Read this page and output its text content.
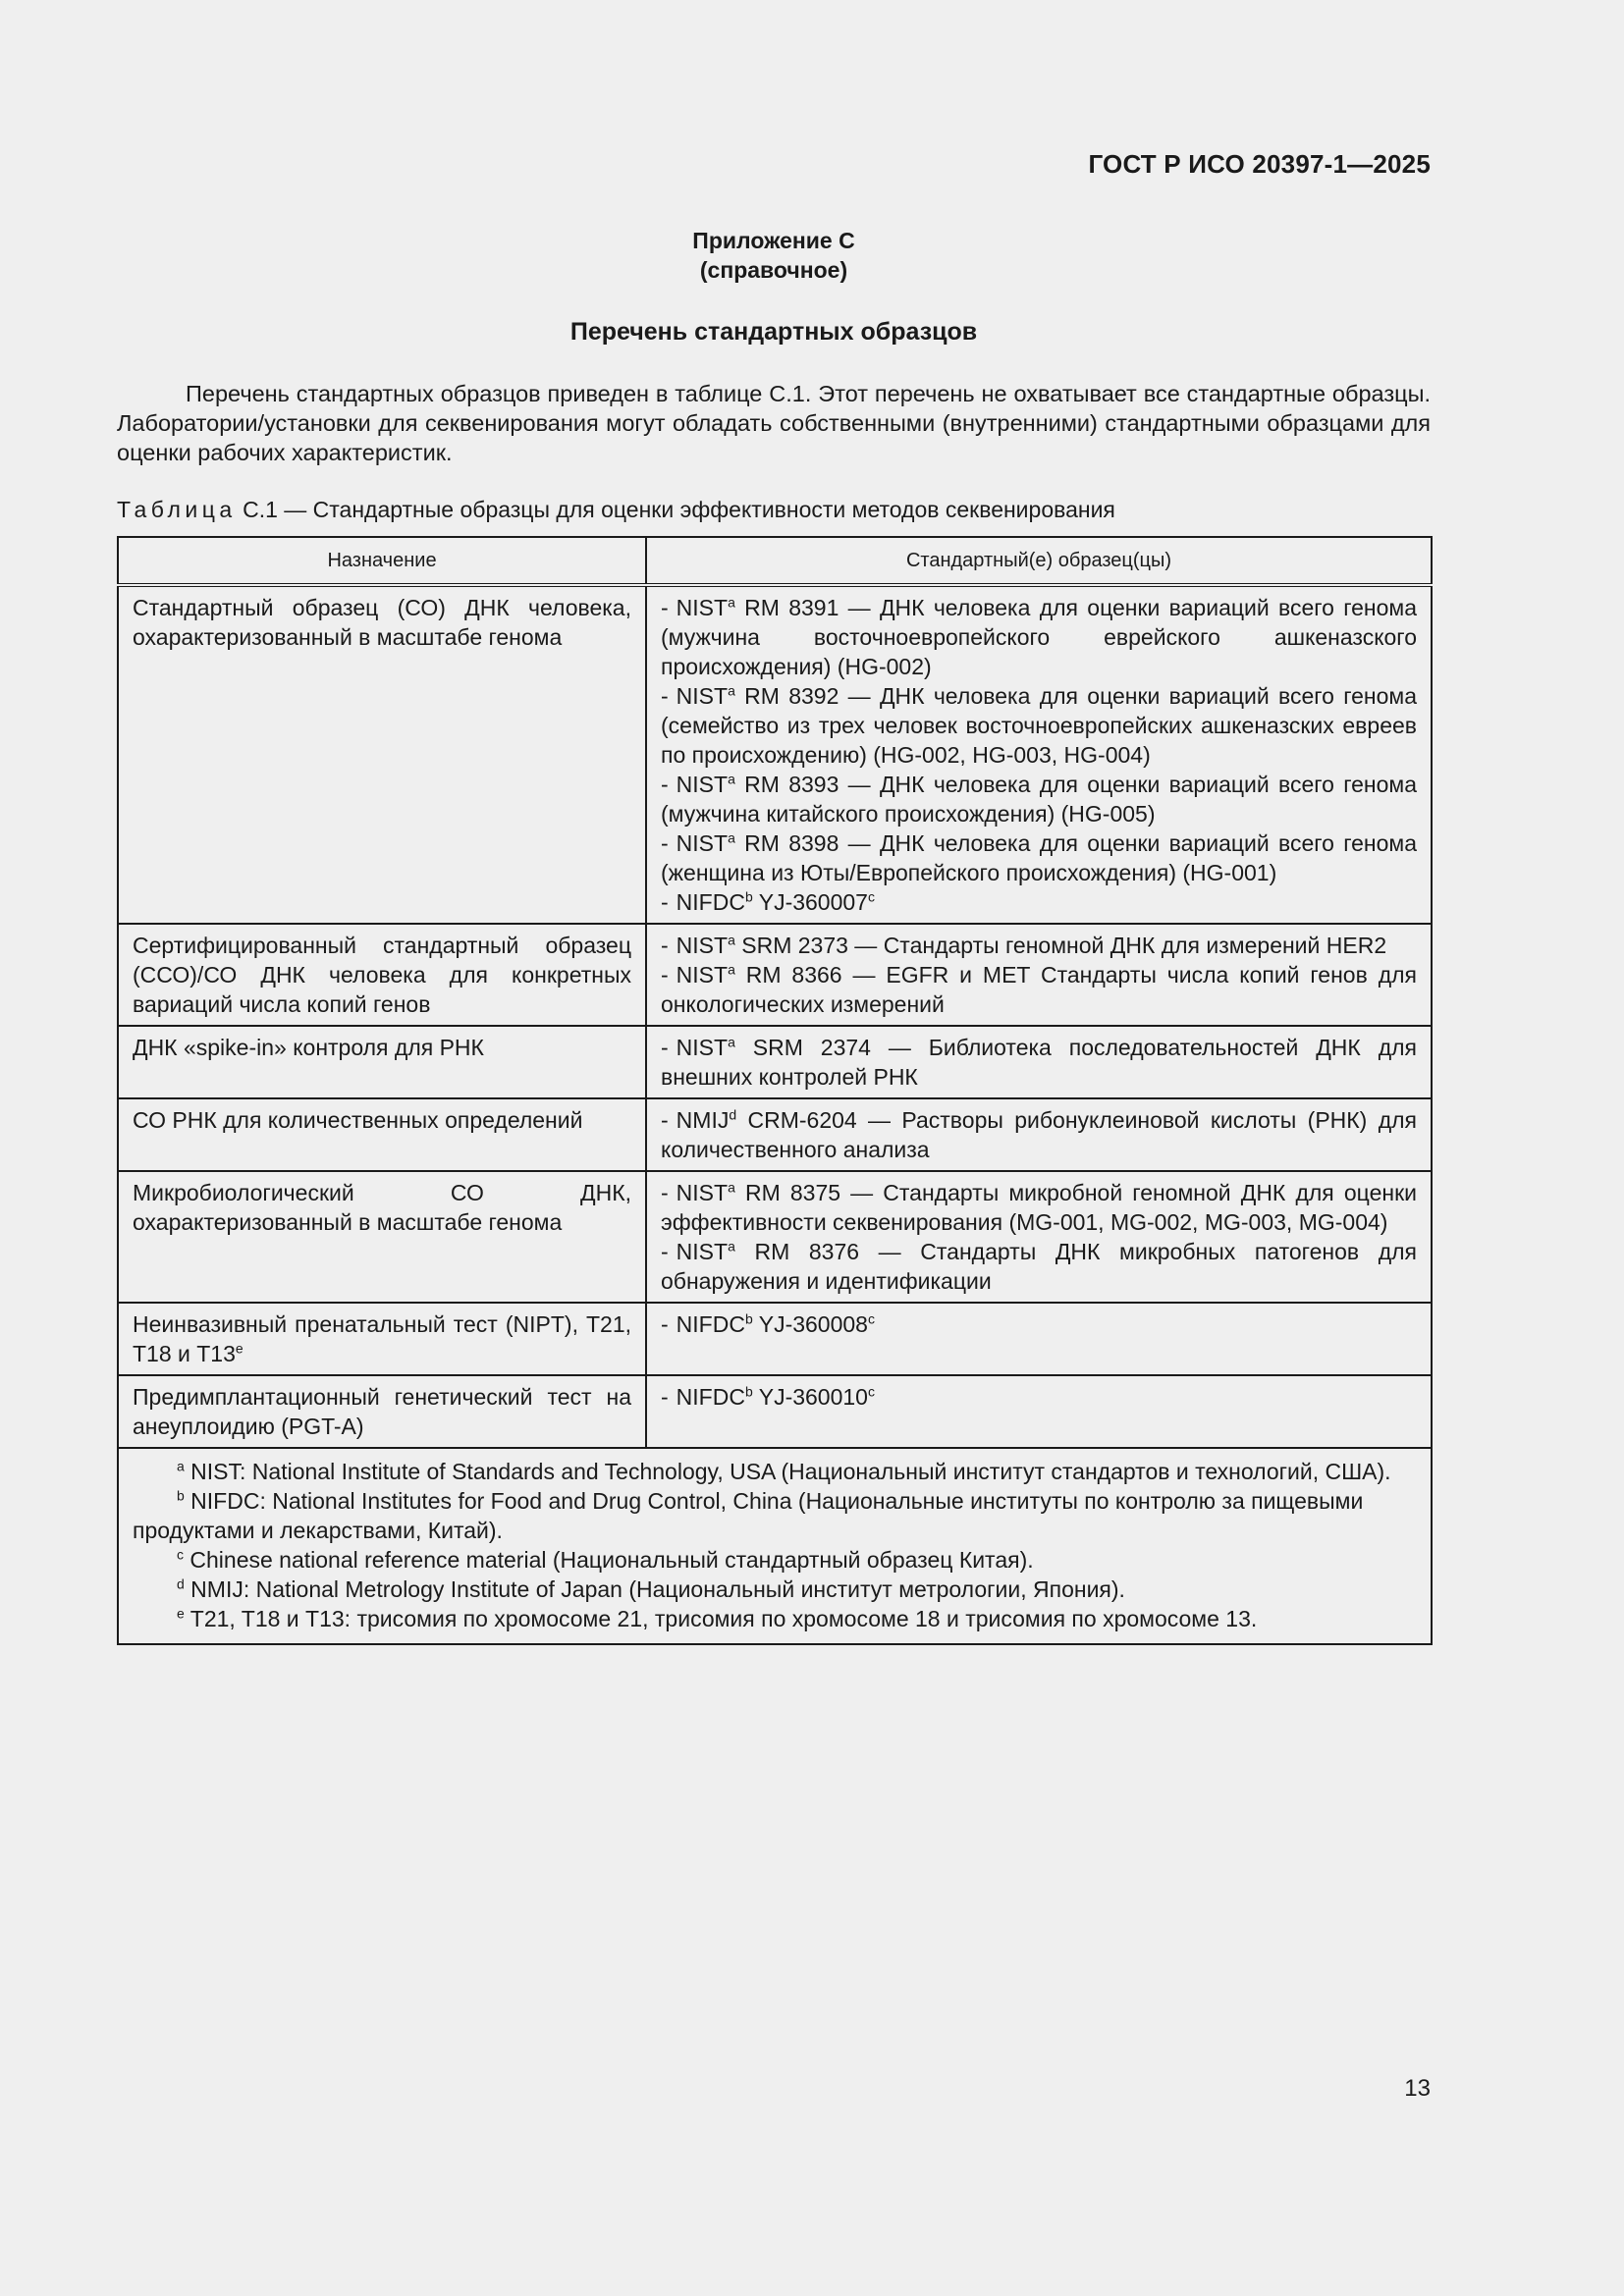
ГОСТ Р ИСО 20397-1—2025
Приложение С
(справочное)
Перечень стандартных образцов

Перечень стандартных образцов приведен в таблице С.1. Этот перечень не охватывает все стандартные образцы. Лаборатории/установки для секвенирования могут обладать собственными (внутренними) стандартными образцами для оценки рабочих характеристик.

Таблица С.1 — Стандартные образцы для оценки эффективности методов секвенирования

Назначение	Стандартный(е) образец(цы)
Стандартный образец (СО) ДНК человека, охарактеризованный в масштабе генома	- NIST$^a$ RM 8391 — ДНК человека для оценки вариаций всего генома (мужчина восточноевропейского еврейского ашкеназского происхождения) (HG-002)
- NIST$^a$ RM 8392 — ДНК человека для оценки вариаций всего генома (семейство из трех человек восточноевропейских ашкеназских евреев по происхождению) (HG-002, HG-003, HG-004)
- NIST$^a$ RM 8393 — ДНК человека для оценки вариаций всего генома (мужчина китайского происхождения) (HG-005)
- NIST$^a$ RM 8398 — ДНК человека для оценки вариаций всего генома (женщина из Юты/Европейского происхождения) (HG-001)
- NIFDC$^b$ YJ-360007$^c$

Сертифицированный стандартный образец (ССО)/СО ДНК человека для конкретных вариаций числа копий генов	- NIST$^a$ SRM 2373 — Стандарты геномной ДНК для измерений HER2
- NIST$^a$ RM 8366 — EGFR и MET Стандарты числа копий генов для онкологических измерений

ДНК «spike-in» контроля для РНК	- NIST$^a$ SRM 2374 — Библиотека последовательностей ДНК для внешних контролей РНК

СО РНК для количественных определений	- NMIJ$^d$ CRM-6204 — Растворы рибонуклеиновой кислоты (РНК) для количественного анализа

Микробиологический СО ДНК, охарактеризованный в масштабе генома	- NIST$^a$ RM 8375 — Стандарты микробной геномной ДНК для оценки эффективности секвенирования (MG-001, MG-002, MG-003, MG-004)
- NIST$^a$ RM 8376 — Стандарты ДНК микробных патогенов для обнаружения и идентификации

Неинвазивный пренатальный тест (NIPT), T21, T18 и T13e	- NIFDC$^b$ YJ-360008$^c$

Предимплантационный генетический тест на анеуплоидию (PGT-A)	- NIFDC$^b$ YJ-360010$^c$

$^a$ NIST: National Institute of Standards and Technology, USA (Национальный институт стандартов и технологий, США).
$^b$ NIFDC: National Institutes for Food and Drug Control, China (Национальные институты по контролю за пищевыми продуктами и лекарствами, Китай).
$^c$ Chinese national reference material (Национальный стандартный образец Китая).
$^d$ NMIJ: National Metrology Institute of Japan (Национальный институт метрологии, Япония).
$^e$ T21, T18 и T13: трисомия по хромосоме 21, трисомия по хромосоме 18 и трисомия по хромосоме 13.	
13
